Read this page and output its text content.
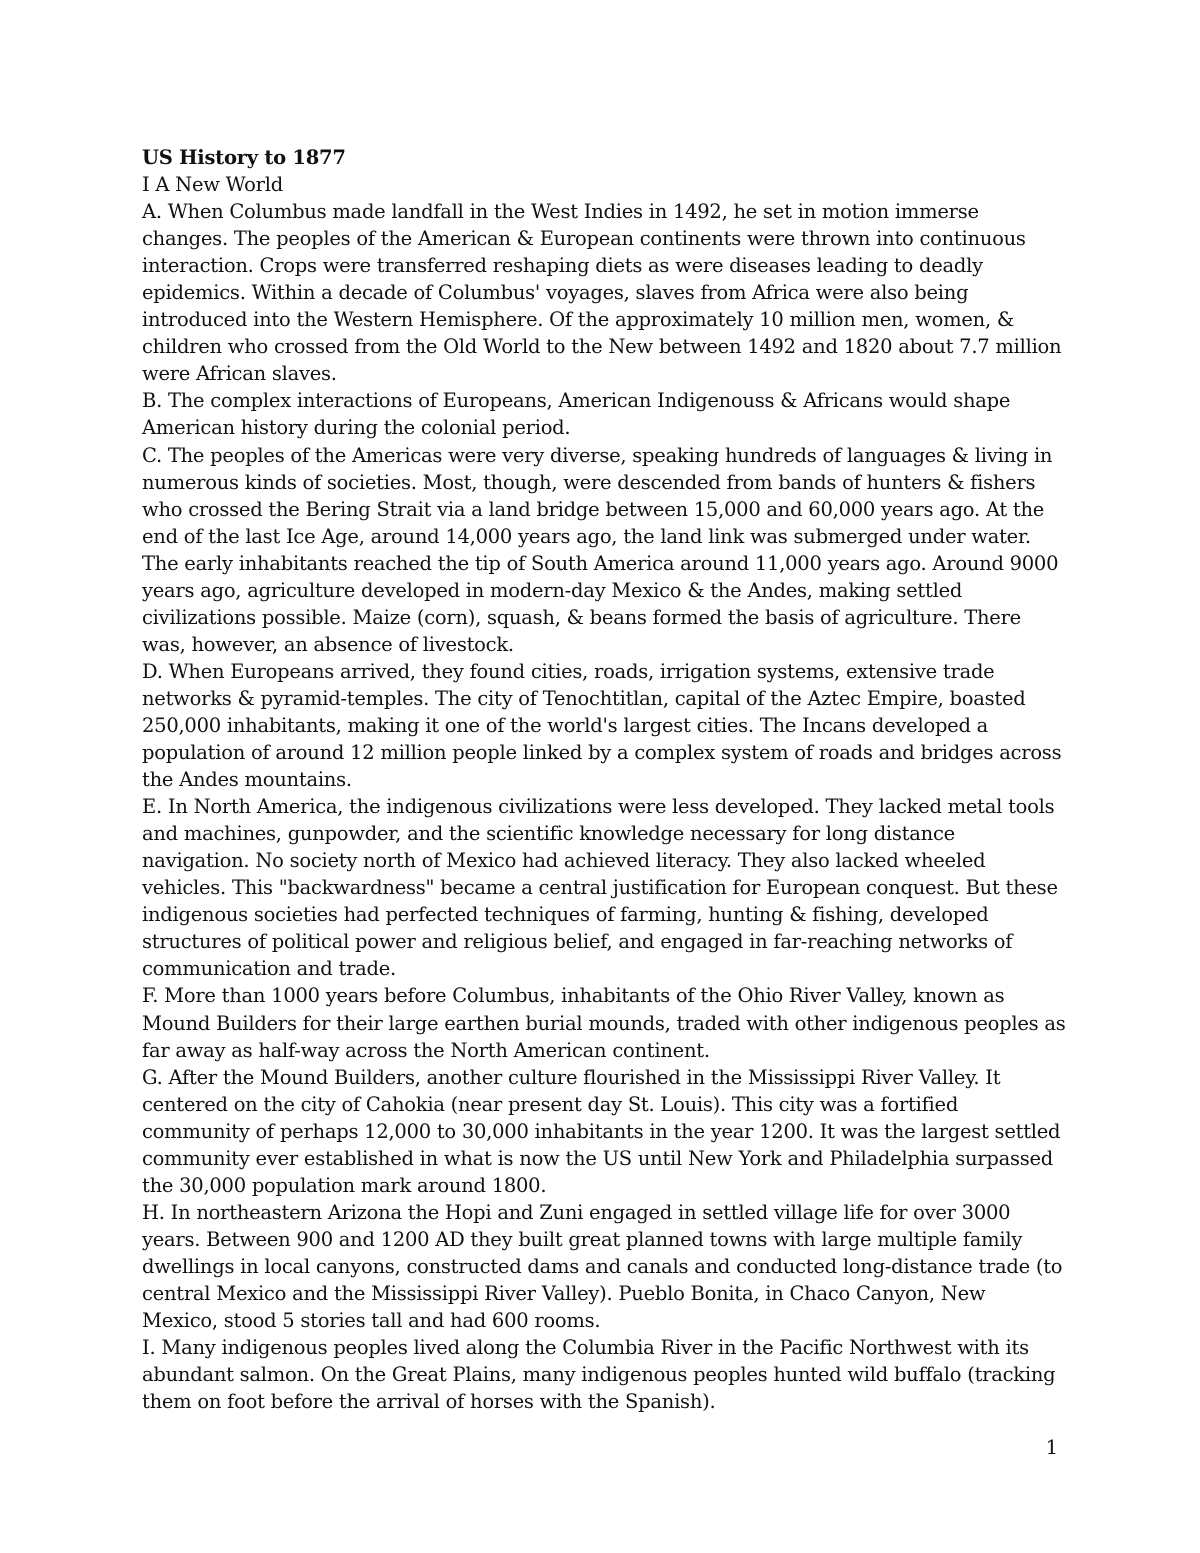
US History to 1877

I A New World

A. When Columbus made landfall in the West Indies in 1492, he set in motion immerse changes. The peoples of the American & European continents were thrown into continuous interaction. Crops were transferred reshaping diets as were diseases leading to deadly epidemics. Within a decade of Columbus' voyages, slaves from Africa were also being introduced into the Western Hemisphere. Of the approximately 10 million men, women, & children who crossed from the Old World to the New between 1492 and 1820 about 7.7 million were African slaves.

B. The complex interactions of Europeans, American Indigenouss & Africans would shape American history during the colonial period.

C. The peoples of the Americas were very diverse, speaking hundreds of languages & living in numerous kinds of societies. Most, though, were descended from bands of hunters & fishers who crossed the Bering Strait via a land bridge between 15,000 and 60,000 years ago. At the end of the last Ice Age, around 14,000 years ago, the land link was submerged under water. The early inhabitants reached the tip of South America around 11,000 years ago. Around 9000 years ago, agriculture developed in modern-day Mexico & the Andes, making settled civilizations possible. Maize (corn), squash, & beans formed the basis of agriculture. There was, however, an absence of livestock.

D. When Europeans arrived, they found cities, roads, irrigation systems, extensive trade networks & pyramid-temples. The city of Tenochtitlan, capital of the Aztec Empire, boasted 250,000 inhabitants, making it one of the world's largest cities. The Incans developed a population of around 12 million people linked by a complex system of roads and bridges across the Andes mountains.

E. In North America, the indigenous civilizations were less developed. They lacked metal tools and machines, gunpowder, and the scientific knowledge necessary for long distance navigation. No society north of Mexico had achieved literacy. They also lacked wheeled vehicles. This "backwardness" became a central justification for European conquest. But these indigenous societies had perfected techniques of farming, hunting & fishing, developed structures of political power and religious belief, and engaged in far-reaching networks of communication and trade.

F. More than 1000 years before Columbus, inhabitants of the Ohio River Valley, known as Mound Builders for their large earthen burial mounds, traded with other indigenous peoples as far away as half-way across the North American continent.

G. After the Mound Builders, another culture flourished in the Mississippi River Valley. It centered on the city of Cahokia (near present day St. Louis). This city was a fortified community of perhaps 12,000 to 30,000 inhabitants in the year 1200. It was the largest settled community ever established in what is now the US until New York and Philadelphia surpassed the 30,000 population mark around 1800.

H. In northeastern Arizona the Hopi and Zuni engaged in settled village life for over 3000 years. Between 900 and 1200 AD they built great planned towns with large multiple family dwellings in local canyons, constructed dams and canals and conducted long-distance trade (to central Mexico and the Mississippi River Valley). Pueblo Bonita, in Chaco Canyon, New Mexico, stood 5 stories tall and had 600 rooms.

I. Many indigenous peoples lived along the Columbia River in the Pacific Northwest with its abundant salmon. On the Great Plains, many indigenous peoples hunted wild buffalo (tracking them on foot before the arrival of horses with the Spanish).

1
